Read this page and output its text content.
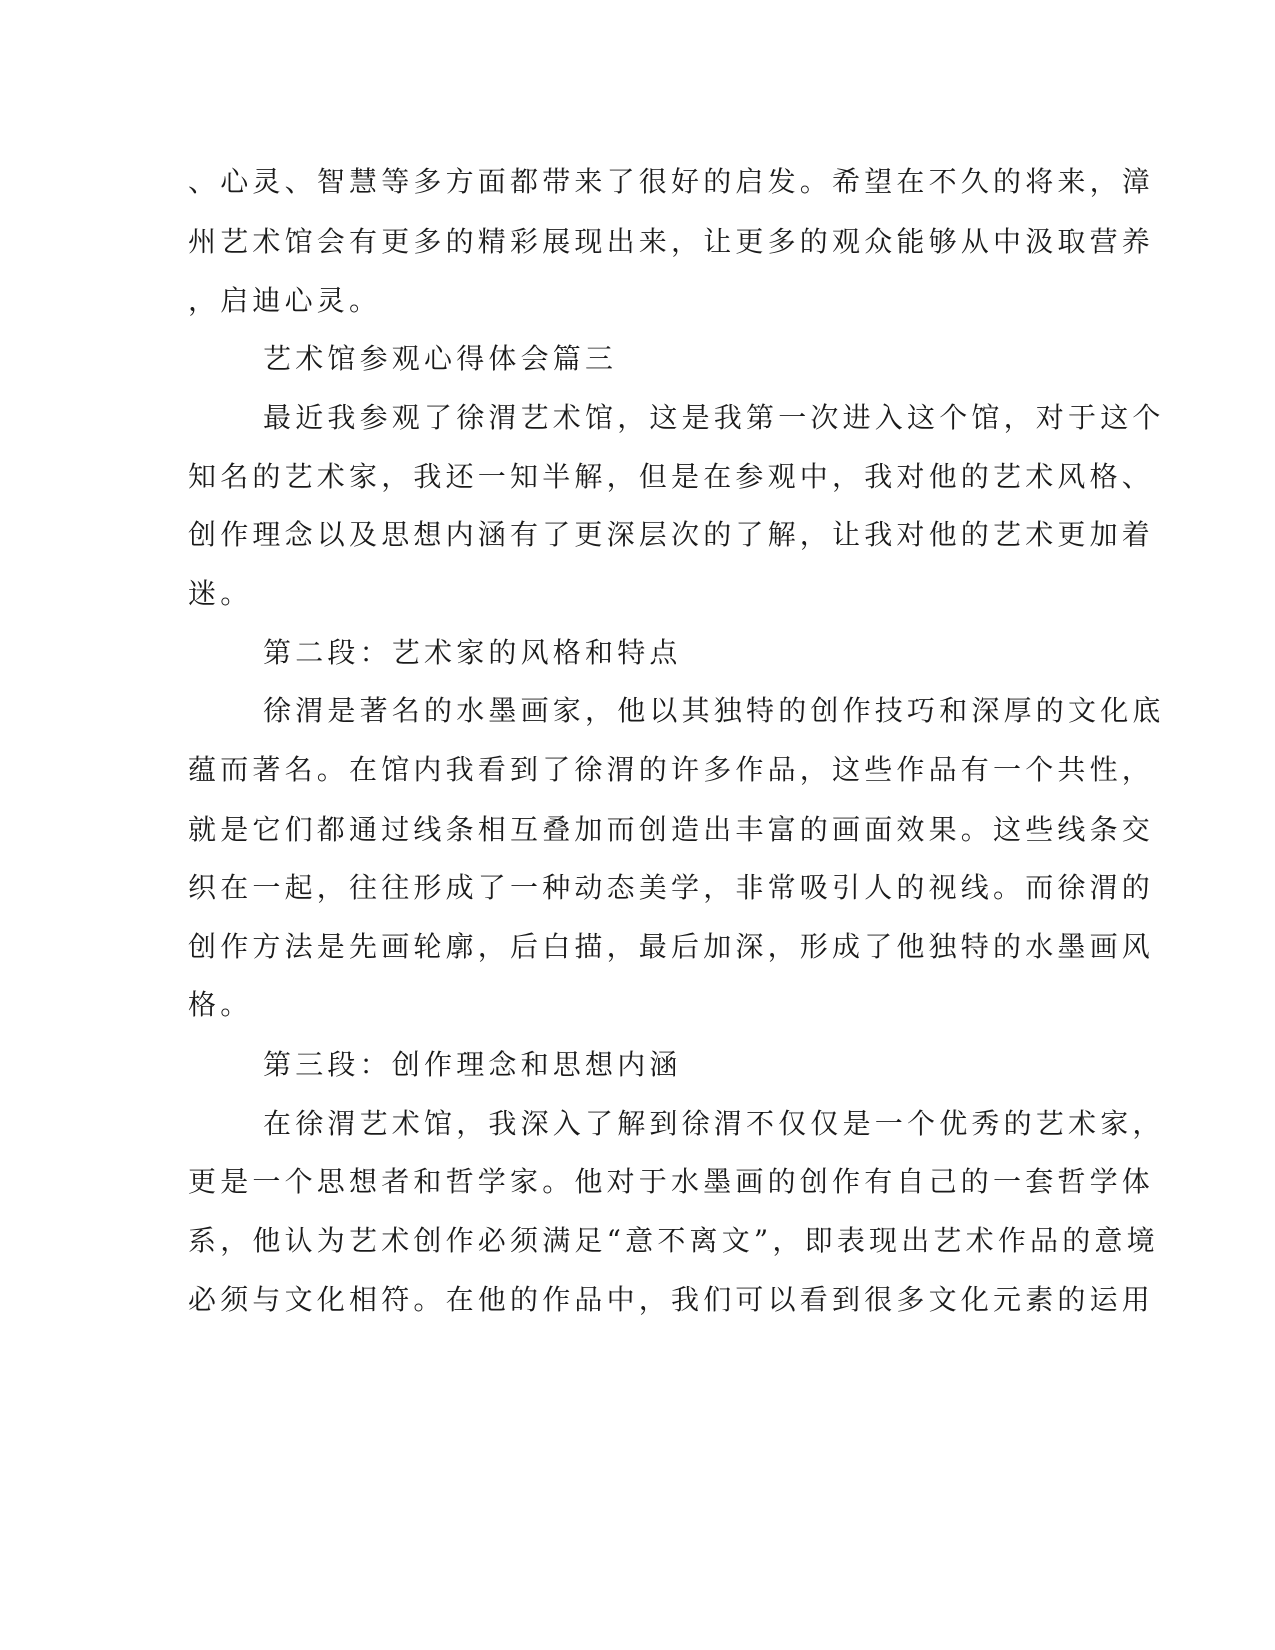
、心灵、智慧等多方面都带来了很好的启发。希望在不久的将来，漳
州艺术馆会有更多的精彩展现出来，让更多的观众能够从中汲取营养
，启迪心灵。
艺术馆参观心得体会篇三
最近我参观了徐渭艺术馆，这是我第一次进入这个馆，对于这个
知名的艺术家，我还一知半解，但是在参观中，我对他的艺术风格、
创作理念以及思想内涵有了更深层次的了解，让我对他的艺术更加着
迷。
第二段：艺术家的风格和特点
徐渭是著名的水墨画家，他以其独特的创作技巧和深厚的文化底
蕴而著名。在馆内我看到了徐渭的许多作品，这些作品有一个共性，
就是它们都通过线条相互叠加而创造出丰富的画面效果。这些线条交
织在一起，往往形成了一种动态美学，非常吸引人的视线。而徐渭的
创作方法是先画轮廓，后白描，最后加深，形成了他独特的水墨画风
格。
第三段：创作理念和思想内涵
在徐渭艺术馆，我深入了解到徐渭不仅仅是一个优秀的艺术家，
更是一个思想者和哲学家。他对于水墨画的创作有自己的一套哲学体
系，他认为艺术创作必须满足“意不离文”，即表现出艺术作品的意境
必须与文化相符。在他的作品中，我们可以看到很多文化元素的运用
